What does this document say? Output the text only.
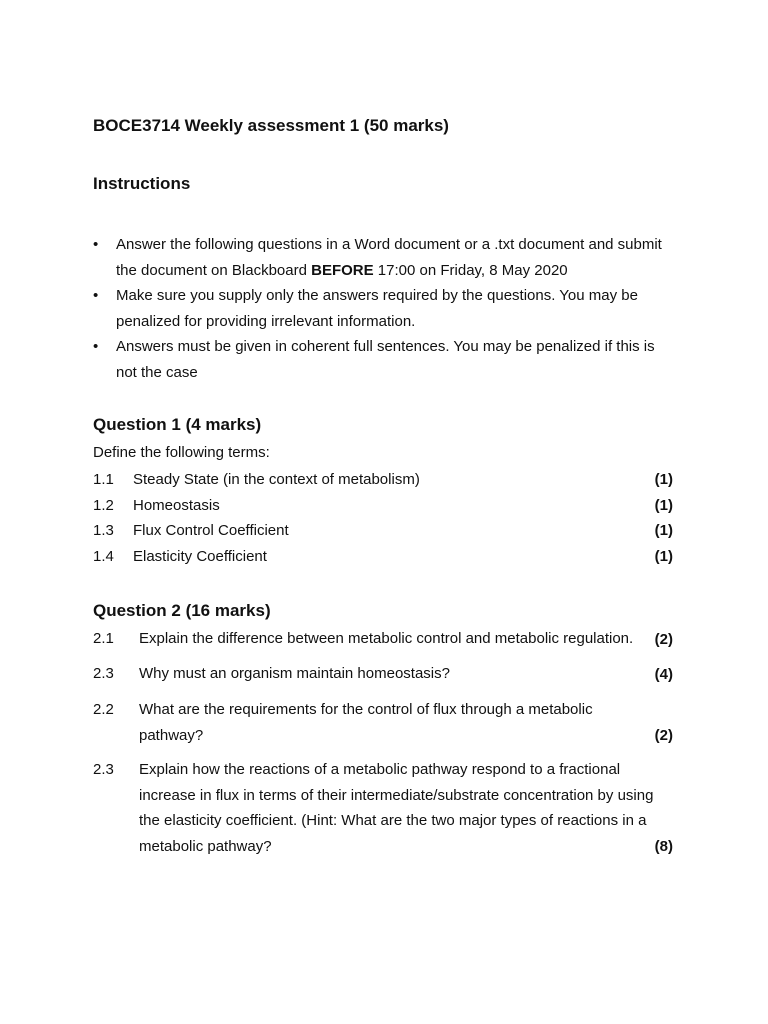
BOCE3714 Weekly assessment 1 (50 marks)
Instructions
• Answer the following questions in a Word document or a .txt document and submit the document on Blackboard BEFORE 17:00 on Friday, 8 May 2020
• Make sure you supply only the answers required by the questions. You may be penalized for providing irrelevant information.
• Answers must be given in coherent full sentences. You may be penalized if this is not the case
Question 1 (4 marks)
Define the following terms:
1.1 Steady State (in the context of metabolism)	(1)
1.2 Homeostasis	(1)
1.3 Flux Control Coefficient	(1)
1.4 Elasticity Coefficient	(1)
Question 2 (16 marks)
2.1 Explain the difference between metabolic control and metabolic regulation.	(2)
2.3 Why must an organism maintain homeostasis?	(4)
2.2 What are the requirements for the control of flux through a metabolic pathway?	(2)
2.3 Explain how the reactions of a metabolic pathway respond to a fractional increase in flux in terms of their intermediate/substrate concentration by using the elasticity coefficient. (Hint: What are the two major types of reactions in a metabolic pathway?	(8)
